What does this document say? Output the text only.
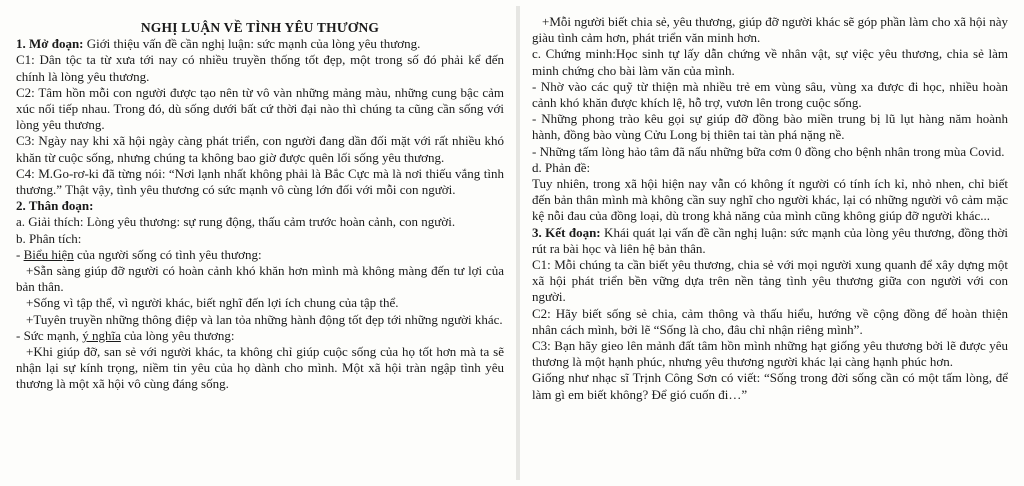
NGHỊ LUẬN VỀ TÌNH YÊU THƯƠNG

1. Mở đoạn: Giới thiệu vấn đề cần nghị luận: sức mạnh của lòng yêu thương.

C1: Dân tộc ta từ xưa tới nay có nhiều truyền thống tốt đẹp, một trong số đó phải kể đến chính là lòng yêu thương.

C2: Tâm hồn mỗi con người được tạo nên từ vô vàn những mảng màu, những cung bậc cảm xúc nối tiếp nhau. Trong đó, dù sống dưới bất cứ thời đại nào thì chúng ta cũng cần sống với lòng yêu thương.

C3: Ngày nay khi xã hội ngày càng phát triển, con người đang dần đối mặt với rất nhiều khó khăn từ cuộc sống, nhưng chúng ta không bao giờ được quên lối sống yêu thương.

C4: M.Go-rơ-ki đã từng nói: “Nơi lạnh nhất không phải là Bắc Cực mà là nơi thiếu vắng tình thương.” Thật vậy, tình yêu thương có sức mạnh vô cùng lớn đối với mỗi con người.

2. Thân đoạn:

a. Giải thích: Lòng yêu thương: sự rung động, thấu cảm trước hoàn cảnh, con người.

b. Phân tích:

- Biểu hiện của người sống có tình yêu thương:

+Sẵn sàng giúp đỡ người có hoàn cảnh khó khăn hơn mình mà không màng đến tư lợi của bản thân.

+Sống vì tập thể, vì người khác, biết nghĩ đến lợi ích chung của tập thể.

+Tuyên truyền những thông điệp và lan tỏa những hành động tốt đẹp tới những người khác.

- Sức mạnh, ý nghĩa của lòng yêu thương:

+Khi giúp đỡ, san sẻ với người khác, ta không chỉ giúp cuộc sống của họ tốt hơn mà ta sẽ nhận lại sự kính trọng, niềm tin yêu của họ dành cho mình. Một xã hội tràn ngập tình yêu thương là một xã hội vô cùng đáng sống.

+Mỗi người biết chia sẻ, yêu thương, giúp đỡ người khác sẽ góp phần làm cho xã hội này giàu tình cảm hơn, phát triển văn minh hơn.

c. Chứng minh:Học sinh tự lấy dẫn chứng về nhân vật, sự việc yêu thương, chia sẻ làm minh chứng cho bài làm văn của mình.

- Nhờ vào các quỹ từ thiện mà nhiều trẻ em vùng sâu, vùng xa được đi học, nhiều hoàn cảnh khó khăn được khích lệ, hỗ trợ, vươn lên trong cuộc sống.

- Những phong trào kêu gọi sự giúp đỡ đồng bào miền trung bị lũ lụt hàng năm hoành hành, đồng bào vùng Cửu Long bị thiên tai tàn phá nặng nề.

- Những tấm lòng hảo tâm đã nấu những bữa cơm 0 đồng cho bệnh nhân trong mùa Covid.

d. Phản đề:

Tuy nhiên, trong xã hội hiện nay vẫn có không ít người có tính ích kỉ, nhỏ nhen, chỉ biết đến bản thân mình mà không cần suy nghĩ cho người khác, lại có những người vô cảm mặc kệ nỗi đau của đồng loại, dù trong khả năng của mình cũng không giúp đỡ người khác...

3. Kết đoạn: Khái quát lại vấn đề cần nghị luận: sức mạnh của lòng yêu thương, đồng thời rút ra bài học và liên hệ bản thân.

C1: Mỗi chúng ta cần biết yêu thương, chia sẻ với mọi người xung quanh để xây dựng một xã hội phát triển bền vững dựa trên nền tảng tình yêu thương giữa con người với con người.

C2: Hãy biết sống sẻ chia, cảm thông và thấu hiểu, hướng về cộng đồng để hoàn thiện nhân cách mình, bởi lẽ “Sống là cho, đâu chỉ nhận riêng mình”.

C3: Bạn hãy gieo lên mảnh đất tâm hồn mình những hạt giống yêu thương bởi lẽ được yêu thương là một hạnh phúc, nhưng yêu thương người khác lại càng hạnh phúc hơn.

Giống như nhạc sĩ Trịnh Công Sơn có viết: “Sống trong đời sống cần có một tấm lòng, để làm gì em biết không? Để gió cuốn đi…”
